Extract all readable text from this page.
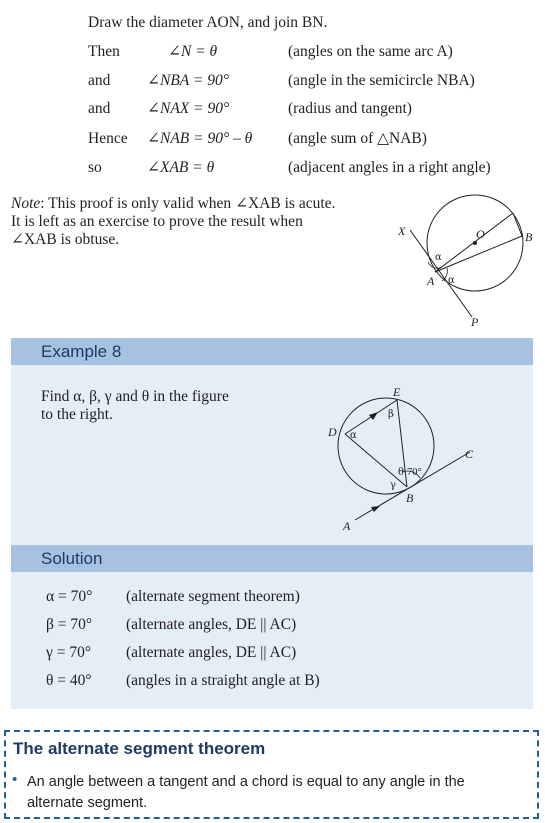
Draw the diameter AON, and join BN.
Then	∠N = θ	(angles on the same arc A)
and ∠NBA = 90°	(angle in the semicircle NBA)
and ∠NAX = 90°	(radius and tangent)
Hence ∠NAB = 90° – θ (angle sum of △NAB)
so	∠XAB = θ	(adjacent angles in a right angle)
Note: This proof is only valid when ∠XAB is acute.
It is left as an exercise to prove the result when
∠XAB is obtuse.	X	O	B
A
P
α
α
Example 8
Find α, β, γ and θ in the figure
to the right.
E
D
C
B
A
α
β
γ
θ 70°
Solution
α = 70° (alternate segment theorem)
β = 70° (alternate angles, DE || AC)
γ = 70° (alternate angles, DE || AC)
θ = 40° (angles in a straight angle at B)
The alternate segment theorem
• An angle between a tangent and a chord is equal to any angle in the
alternate segment.
